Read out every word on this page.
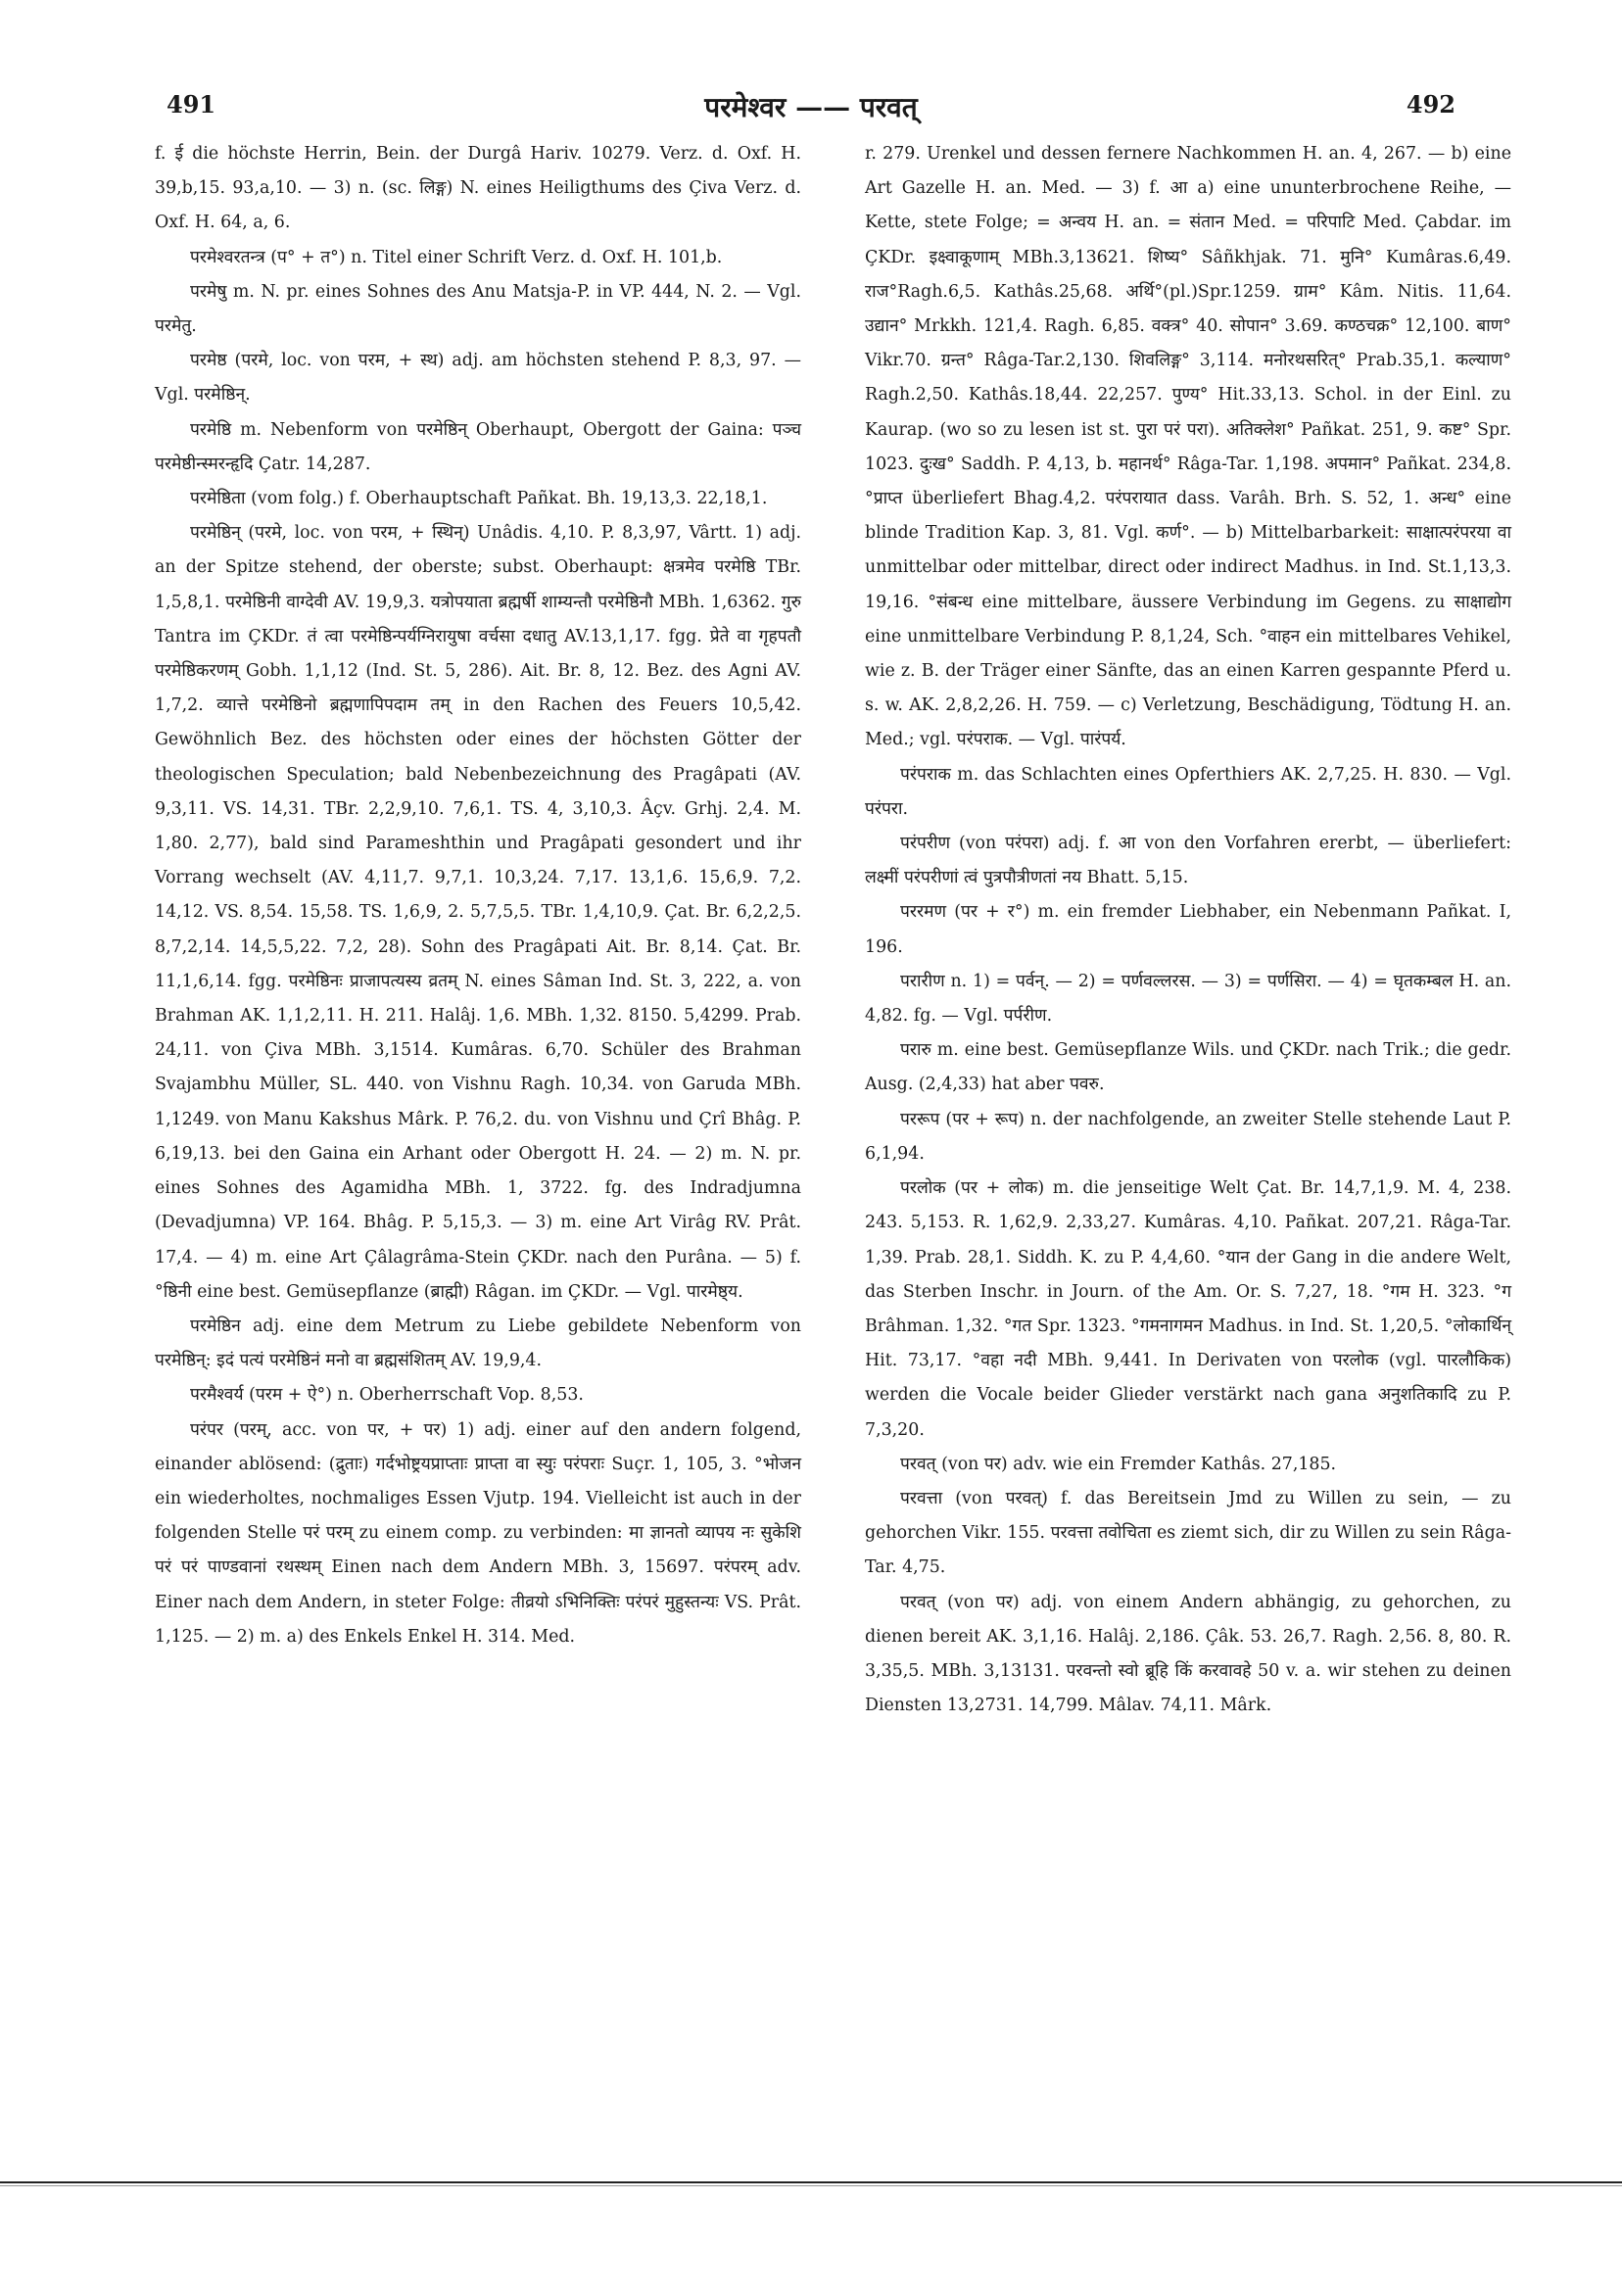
491	परमेश्वर —— परवत्	492

f. ई die höchste Herrin, Bein. der Durgâ Hariv. 10279. Verz. d. Oxf. H. 39,b,15. 93,a,10. — 3) n. (sc. लिङ्ग) N. eines Heiligthums des Çiva Verz. d. Oxf. H. 64, a, 6.

परमेश्वरतन्त्र (प° + त°) n. Titel einer Schrift Verz. d. Oxf. H. 101,b.

परमेषु m. N. pr. eines Sohnes des Anu Matsja-P. in VP. 444, N. 2. — Vgl. परमेतु.

परमेष्ठ (परमे, loc. von परम, + स्थ) adj. am höchsten stehend P. 8,3, 97. — Vgl. परमेष्ठिन्.

परमेष्ठि m. Nebenform von परमेष्ठिन् Oberhaupt, Obergott der Gaina: पञ्च परमेष्ठीन्स्मरन्हृदि Çatr. 14,287.

परमेष्ठिता (vom folg.) f. Oberhauptschaft Pañkat. Bh. 19,13,3. 22,18,1.

परमेष्ठिन् (परमे, loc. von परम, + स्थिन्) Unâdis. 4,10. P. 8,3,97, Vârtt. 1) adj. an der Spitze stehend, der oberste; subst. Oberhaupt: क्षत्रमेव परमेष्ठि TBr. 1,5,8,1. परमेष्ठिनी वाग्देवी AV. 19,9,3. यत्रोपयाता ब्रह्मर्षी शाम्यन्तौ परमेष्ठिनौ MBh. 1,6362. गुरु Tantra im ÇKDr. तं त्वा परमेष्ठिन्पर्यग्निरायुषा वर्चसा दधातु AV.13,1,17. fgg. प्रेते वा गृहपतौ परमेष्ठिकरणम् Gobh. 1,1,12 (Ind. St. 5, 286). Ait. Br. 8, 12. Bez. des Agni AV. 1,7,2. व्यात्ते परमेष्ठिनो ब्रह्मणापिपदाम तम् in den Rachen des Feuers 10,5,42. Gewöhnlich Bez. des höchsten oder eines der höchsten Götter der theologischen Speculation; bald Nebenbezeichnung des Pragâpati (AV. 9,3,11. VS. 14,31. TBr. 2,2,9,10. 7,6,1. TS. 4, 3,10,3. Âçv. Grhj. 2,4. M. 1,80. 2,77), bald sind Parameshthin und Pragâpati gesondert und ihr Vorrang wechselt (AV. 4,11,7. 9,7,1. 10,3,24. 7,17. 13,1,6. 15,6,9. 7,2. 14,12. VS. 8,54. 15,58. TS. 1,6,9, 2. 5,7,5,5. TBr. 1,4,10,9. Çat. Br. 6,2,2,5. 8,7,2,14. 14,5,5,22. 7,2, 28). Sohn des Pragâpati Ait. Br. 8,14. Çat. Br. 11,1,6,14. fgg. परमेष्ठिनः प्राजापत्यस्य व्रतम् N. eines Sâman Ind. St. 3, 222, a. von Brahman AK. 1,1,2,11. H. 211. Halâj. 1,6. MBh. 1,32. 8150. 5,4299. Prab. 24,11. von Çiva MBh. 3,1514. Kumâras. 6,70. Schüler des Brahman Svajambhu Müller, SL. 440. von Vishnu Ragh. 10,34. von Garuda MBh. 1,1249. von Manu Kakshus Mârk. P. 76,2. du. von Vishnu und Çrî Bhâg. P. 6,19,13. bei den Gaina ein Arhant oder Obergott H. 24. — 2) m. N. pr. eines Sohnes des Agamidha MBh. 1, 3722. fg. des Indradjumna (Devadjumna) VP. 164. Bhâg. P. 5,15,3. — 3) m. eine Art Virâg RV. Prât. 17,4. — 4) m. eine Art Çâlagrâma-Stein ÇKDr. nach den Purâna. — 5) f. °ष्ठिनी eine best. Gemüsepflanze (ब्राह्मी) Râgan. im ÇKDr. — Vgl. पारमेष्ठ्य.

परमेष्ठिन adj. eine dem Metrum zu Liebe gebildete Nebenform von परमेष्ठिन्: इदं पत्यं परमेष्ठिनं मनो वा ब्रह्मसंशितम् AV. 19,9,4.

परमैश्वर्य (परम + ऐ°) n. Oberherrschaft Vop. 8,53.

परंपर (परम्, acc. von पर, + पर) 1) adj. einer auf den andern folgend, einander ablösend: (द्रुताः) गर्दभोष्ट्रयप्राप्ताः प्राप्ता वा स्युः परंपराः Suçr. 1, 105, 3. °भोजन ein wiederholtes, nochmaliges Essen Vjutp. 194. Vielleicht ist auch in der folgenden Stelle परं परम् zu einem comp. zu verbinden: मा ज्ञानतो व्यापय नः सुकेशि परं परं पाण्डवानां रथस्थम् Einen nach dem Andern MBh. 3, 15697. परंपरम् adv. Einer nach dem Andern, in steter Folge: तीव्रयो ऽभिनिक्तिः परंपरं मुहुस्तन्यः VS. Prât. 1,125. — 2) m. a) des Enkels Enkel H. 314. Med.

r. 279. Urenkel und dessen fernere Nachkommen H. an. 4, 267. — b) eine Art Gazelle H. an. Med. — 3) f. आ a) eine ununterbrochene Reihe, — Kette, stete Folge; = अन्वय H. an. = संतान Med. = परिपाटि Med. Çabdar. im ÇKDr. इक्ष्वाकूणाम् MBh.3,13621. शिष्य° Sâñkhjak. 71. मुनि° Kumâras.6,49. राज°Ragh.6,5. Kathâs.25,68. अर्थि°(pl.)Spr.1259. ग्राम° Kâm. Nitis. 11,64. उद्यान° Mrkkh. 121,4. Ragh. 6,85. वक्त्र° 40. सोपान° 3.69. कण्ठचक्र° 12,100. बाण° Vikr.70. ग्रन्त° Râga-Tar.2,130. शिवलिङ्ग° 3,114. मनोरथसरित्° Prab.35,1. कल्याण° Ragh.2,50. Kathâs.18,44. 22,257. पुण्य° Hit.33,13. Schol. in der Einl. zu Kaurap. (wo so zu lesen ist st. पुरा परं परा). अतिक्लेश° Pañkat. 251, 9. कष्ट° Spr. 1023. दुःख° Saddh. P. 4,13, b. महानर्थ° Râga-Tar. 1,198. अपमान° Pañkat. 234,8. °प्राप्त überliefert Bhag.4,2. परंपरायात dass. Varâh. Brh. S. 52, 1. अन्ध° eine blinde Tradition Kap. 3, 81. Vgl. कर्ण°. — b) Mittelbarbarkeit: साक्षात्परंपरया वा unmittelbar oder mittelbar, direct oder indirect Madhus. in Ind. St.1,13,3. 19,16. °संबन्ध eine mittelbare, äussere Verbindung im Gegens. zu साक्षाद्योग eine unmittelbare Verbindung P. 8,1,24, Sch. °वाहन ein mittelbares Vehikel, wie z. B. der Träger einer Sänfte, das an einen Karren gespannte Pferd u. s. w. AK. 2,8,2,26. H. 759. — c) Verletzung, Beschädigung, Tödtung H. an. Med.; vgl. परंपराक. — Vgl. पारंपर्य.

परंपराक m. das Schlachten eines Opferthiers AK. 2,7,25. H. 830. — Vgl. परंपरा.

परंपरीण (von परंपरा) adj. f. आ von den Vorfahren ererbt, — überliefert: लक्ष्मीं परंपरीणां त्वं पुत्रपौत्रीणतां नय Bhatt. 5,15.

पररमण (पर + र°) m. ein fremder Liebhaber, ein Nebenmann Pañkat. I, 196.

परारीण n. 1) = पर्वन्. — 2) = पर्णवल्लरस. — 3) = पर्णसिरा. — 4) = घृतकम्बल H. an. 4,82. fg. — Vgl. पर्परीण.

परारु m. eine best. Gemüsepflanze Wils. und ÇKDr. nach Trik.; die gedr. Ausg. (2,4,33) hat aber पवरु.

पररूप (पर + रूप) n. der nachfolgende, an zweiter Stelle stehende Laut P. 6,1,94.

परलोक (पर + लोक) m. die jenseitige Welt Çat. Br. 14,7,1,9. M. 4, 238. 243. 5,153. R. 1,62,9. 2,33,27. Kumâras. 4,10. Pañkat. 207,21. Râga-Tar. 1,39. Prab. 28,1. Siddh. K. zu P. 4,4,60. °यान der Gang in die andere Welt, das Sterben Inschr. in Journ. of the Am. Or. S. 7,27, 18. °गम H. 323. °ग Brâhman. 1,32. °गत Spr. 1323. °गमनागमन Madhus. in Ind. St. 1,20,5. °लोकार्थिन् Hit. 73,17. °वहा नदी MBh. 9,441. In Derivaten von परलोक (vgl. पारलौकिक) werden die Vocale beider Glieder verstärkt nach gana अनुशतिकादि zu P. 7,3,20.

परवत् (von पर) adv. wie ein Fremder Kathâs. 27,185.

परवत्ता (von परवत्) f. das Bereitsein Jmd zu Willen zu sein, — zu gehorchen Vikr. 155. परवत्ता तवोचिता es ziemt sich, dir zu Willen zu sein Râga-Tar. 4,75.

परवत् (von पर) adj. von einem Andern abhängig, zu gehorchen, zu dienen bereit AK. 3,1,16. Halâj. 2,186. Çâk. 53. 26,7. Ragh. 2,56. 8, 80. R. 3,35,5. MBh. 3,13131. परवन्तो स्वो ब्रूहि किं करवावहे 50 v. a. wir stehen zu deinen Diensten 13,2731. 14,799. Mâlav. 74,11. Mârk.
